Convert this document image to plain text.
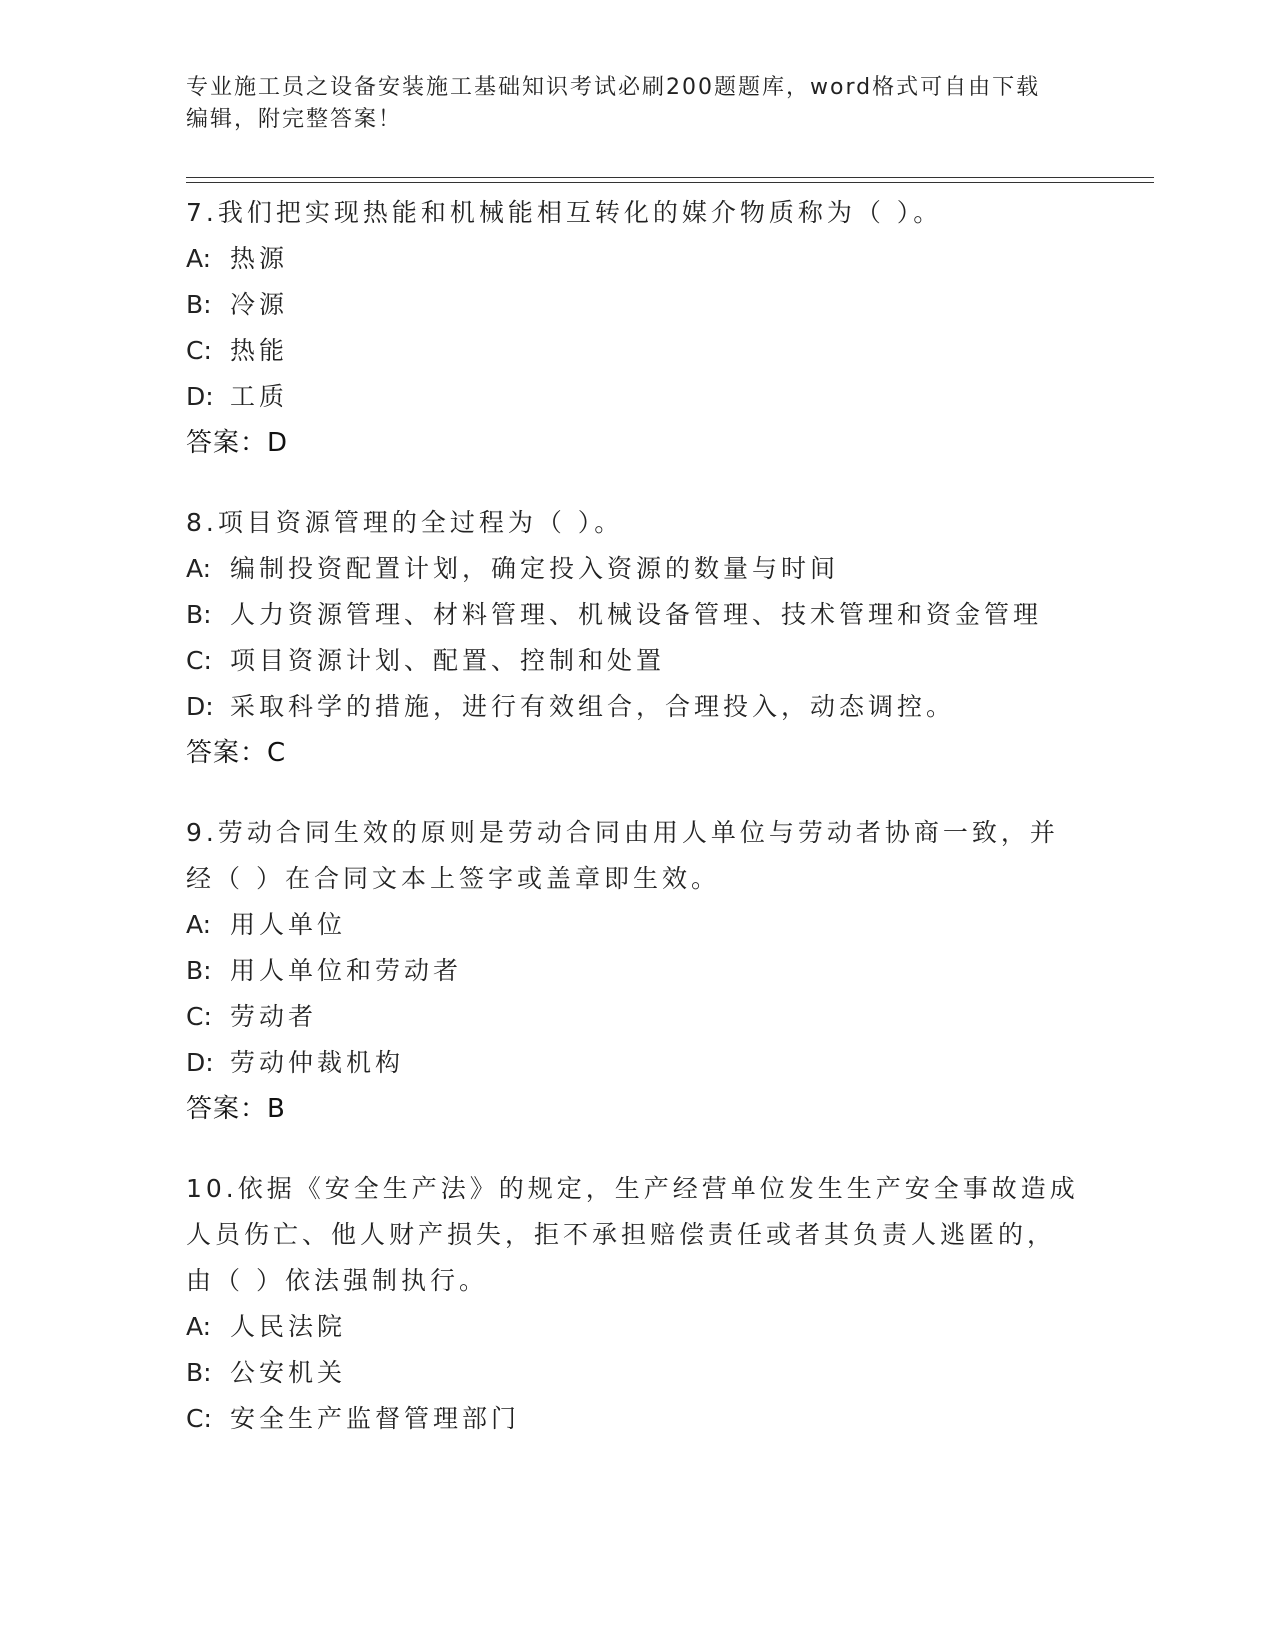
专业施工员之设备安装施工基础知识考试必刷200题题库，word格式可自由下载
编辑，附完整答案！
7.我们把实现热能和机械能相互转化的媒介物质称为（ ）。
A: 热源
B: 冷源
C: 热能
D: 工质
答案：D
8.项目资源管理的全过程为（ ）。
A: 编制投资配置计划，确定投入资源的数量与时间
B: 人力资源管理、材料管理、机械设备管理、技术管理和资金管理
C: 项目资源计划、配置、控制和处置
D: 采取科学的措施，进行有效组合，合理投入，动态调控。
答案：C
9.劳动合同生效的原则是劳动合同由用人单位与劳动者协商一致，并
经（ ）在合同文本上签字或盖章即生效。
A: 用人单位
B: 用人单位和劳动者
C: 劳动者
D: 劳动仲裁机构
答案：B
10.依据《安全生产法》的规定，生产经营单位发生生产安全事故造成
人员伤亡、他人财产损失，拒不承担赔偿责任或者其负责人逃匿的，
由（ ）依法强制执行。
A: 人民法院
B: 公安机关
C: 安全生产监督管理部门
